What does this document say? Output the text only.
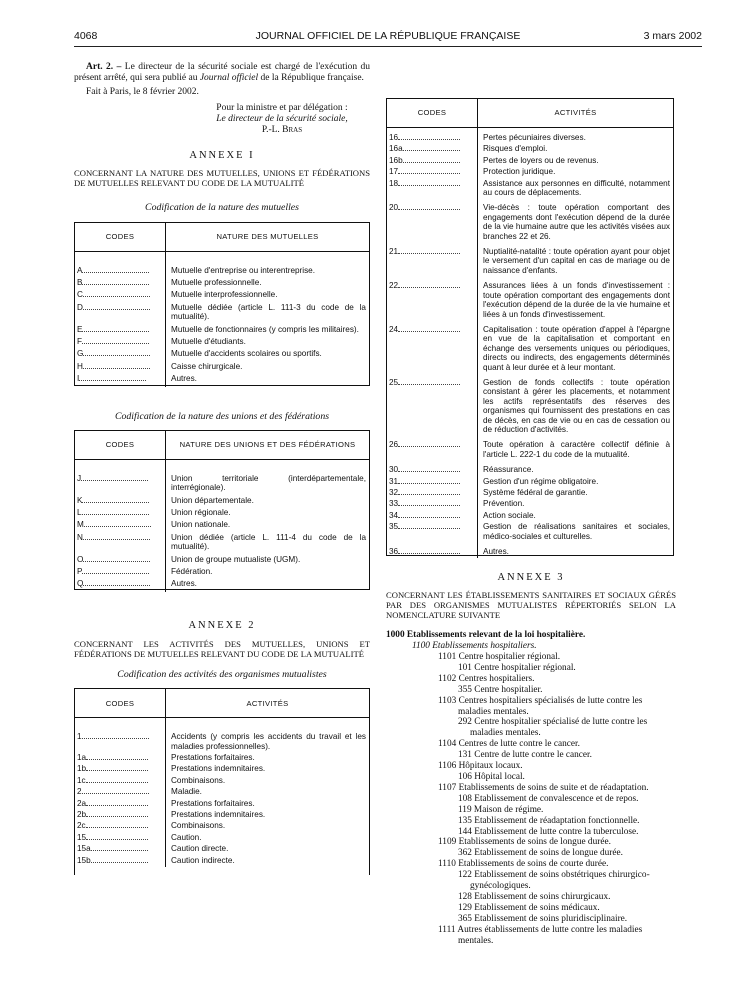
4068	JOURNAL OFFICIEL DE LA RÉPUBLIQUE FRANÇAISE	3 mars 2002

Art. 2. – Le directeur de la sécurité sociale est chargé de l'exécution du présent arrêté, qui sera publié au Journal officiel de la République française.

Fait à Paris, le 8 février 2002.

Pour la ministre et par délégation :
Le directeur de la sécurité sociale,
P.-L. Bras

ANNEXE I

CONCERNANT LA NATURE DES MUTUELLES, UNIONS ET FÉDÉRATIONS DE MUTUELLES RELEVANT DU CODE DE LA MUTUALITÉ

Codification de la nature des mutuelles

CODES	NATURE DES MUTUELLES
A	Mutuelle d'entreprise ou interentreprise.
B	Mutuelle professionnelle.
C	Mutuelle interprofessionnelle.
D	Mutuelle dédiée (article L. 111-3 du code de la mutualité).
E	Mutuelle de fonctionnaires (y compris les militaires).
F	Mutuelle d'étudiants.
G	Mutuelle d'accidents scolaires ou sportifs.
H	Caisse chirurgicale.
I	Autres.

Codification de la nature des unions et des fédérations

CODES	NATURE DES UNIONS ET DES FÉDÉRATIONS
J	Union territoriale (interdépartementale, interrégionale).
K	Union départementale.
L	Union régionale.
M	Union nationale.
N	Union dédiée (article L. 111-4 du code de la mutualité).
O	Union de groupe mutualiste (UGM).
P	Fédération.
Q	Autres.

ANNEXE 2

CONCERNANT LES ACTIVITÉS DES MUTUELLES, UNIONS ET FÉDÉRATIONS DE MUTUELLES RELEVANT DU CODE DE LA MUTUALITÉ

Codification des activités des organismes mutualistes

CODES	ACTIVITÉS
1	Accidents (y compris les accidents du travail et les maladies professionnelles).
1a	Prestations forfaitaires.
1b	Prestations indemnitaires.
1c	Combinaisons.
2	Maladie.
2a	Prestations forfaitaires.
2b	Prestations indemnitaires.
2c	Combinaisons.
15	Caution.
15a	Caution directe.
15b	Caution indirecte.
CODES	ACTIVITÉS
16	Pertes pécuniaires diverses.
16a	Risques d'emploi.
16b	Pertes de loyers ou de revenus.
17	Protection juridique.
18	Assistance aux personnes en difficulté, notamment au cours de déplacements.
20	Vie-décès : toute opération comportant des engagements dont l'exécution dépend de la durée de la vie humaine autre que les activités visées aux branches 22 et 26.
21	Nuptialité-natalité : toute opération ayant pour objet le versement d'un capital en cas de mariage ou de naissance d'enfants.
22	Assurances liées à un fonds d'investissement : toute opération comportant des engagements dont l'exécution dépend de la durée de la vie humaine et liées à un fonds d'investissement.
24	Capitalisation : toute opération d'appel à l'épargne en vue de la capitalisation et comportant en échange des versements uniques ou périodiques, directs ou indirects, des engagements déterminés quant à leur durée et à leur montant.
25	Gestion de fonds collectifs : toute opération consistant à gérer les placements, et notamment les actifs représentatifs des réserves des organismes qui fournissent des prestations en cas de décès, en cas de vie ou en cas de cessation ou de réduction d'activités.
26	Toute opération à caractère collectif définie à l'article L. 222-1 du code de la mutualité.
30	Réassurance.
31	Gestion d'un régime obligatoire.
32	Système fédéral de garantie.
33	Prévention.
34	Action sociale.
35	Gestion de réalisations sanitaires et sociales, médico-sociales et culturelles.
36	Autres.

ANNEXE 3

CONCERNANT LES ÉTABLISSEMENTS SANITAIRES ET SOCIAUX GÉRÉS PAR DES ORGANISMES MUTUALISTES RÉPERTORIÉS SELON LA NOMENCLATURE SUIVANTE

1000 Etablissements relevant de la loi hospitalière.

1100 Etablissements hospitaliers.

1101 Centre hospitalier régional.

101 Centre hospitalier régional.

1102 Centres hospitaliers.

355 Centre hospitalier.

1103 Centres hospitaliers spécialisés de lutte contre les maladies mentales.

292 Centre hospitalier spécialisé de lutte contre les maladies mentales.

1104 Centres de lutte contre le cancer.

131 Centre de lutte contre le cancer.

1106 Hôpitaux locaux.

106 Hôpital local.

1107 Etablissements de soins de suite et de réadaptation.

108 Etablissement de convalescence et de repos.

119 Maison de régime.

135 Etablissement de réadaptation fonctionnelle.

144 Etablissement de lutte contre la tuberculose.

1109 Etablissements de soins de longue durée.

362 Etablissement de soins de longue durée.

1110 Etablissements de soins de courte durée.

122 Etablissement de soins obstétriques chirurgico-gynécologiques.

128 Etablissement de soins chirurgicaux.

129 Etablissement de soins médicaux.

365 Etablissement de soins pluridisciplinaire.

1111 Autres établissements de lutte contre les maladies mentales.
